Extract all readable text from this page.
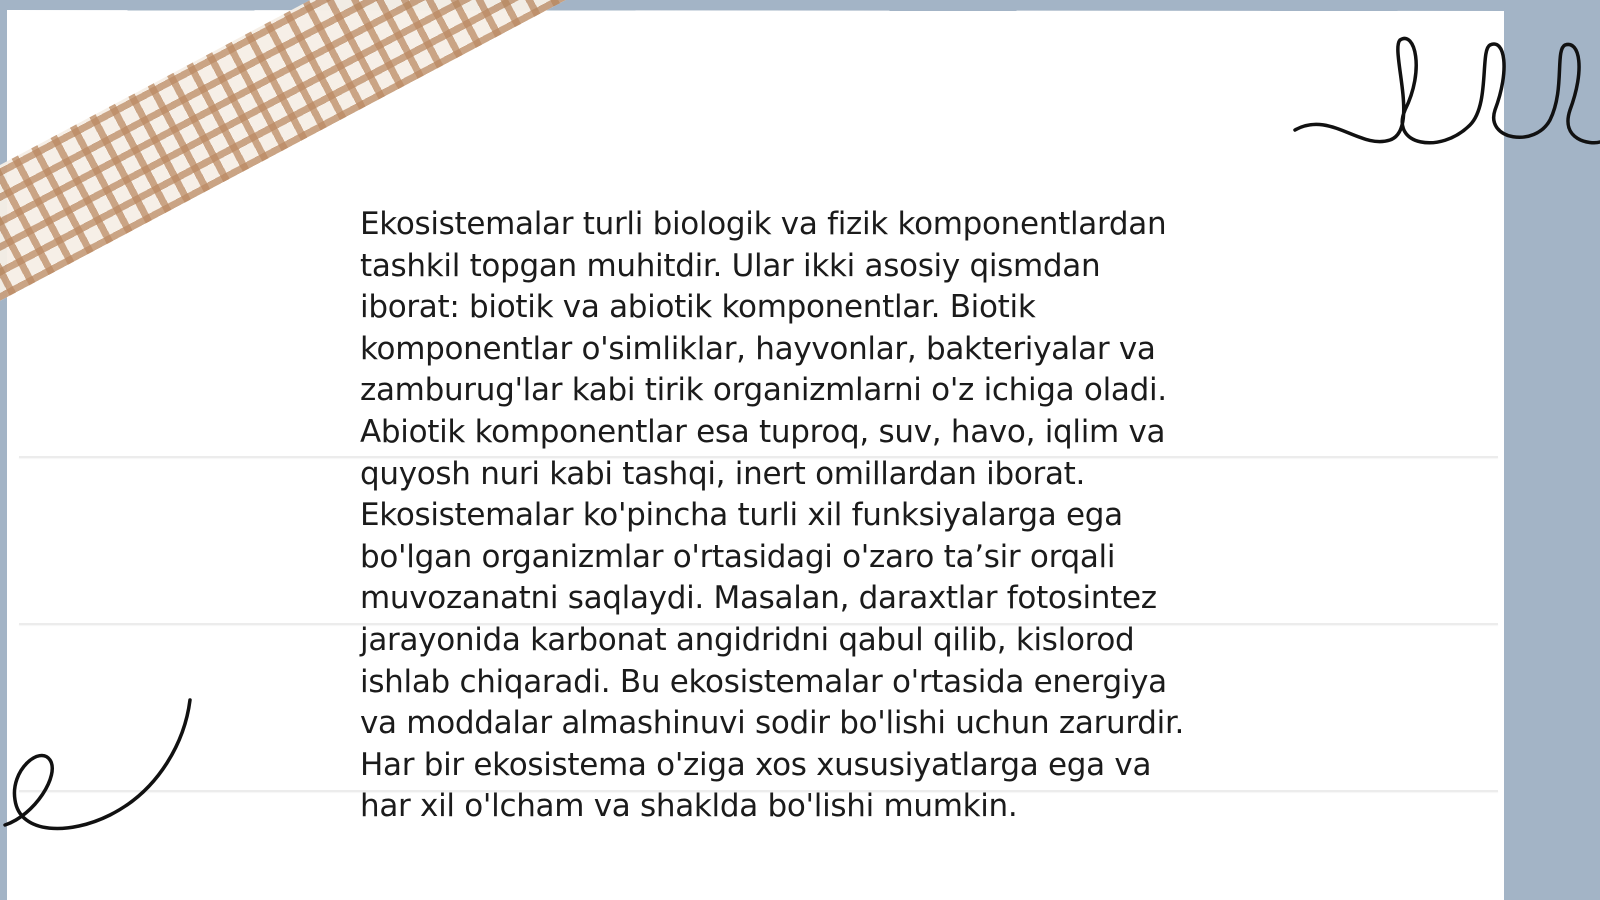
Ekosistemalar turli biologik va fizik komponentlardan
tashkil topgan muhitdir. Ular ikki asosiy qismdan
iborat: biotik va abiotik komponentlar. Biotik
komponentlar o'simliklar, hayvonlar, bakteriyalar va
zamburug'lar kabi tirik organizmlarni o'z ichiga oladi.
Abiotik komponentlar esa tuproq, suv, havo, iqlim va
quyosh nuri kabi tashqi, inert omillardan iborat.
Ekosistemalar ko'pincha turli xil funksiyalarga ega
bo'lgan organizmlar o'rtasidagi o'zaro ta’sir orqali
muvozanatni saqlaydi. Masalan, daraxtlar fotosintez
jarayonida karbonat angidridni qabul qilib, kislorod
ishlab chiqaradi. Bu ekosistemalar o'rtasida energiya
va moddalar almashinuvi sodir bo'lishi uchun zarurdir.
Har bir ekosistema o'ziga xos xususiyatlarga ega va
har xil o'lcham va shaklda bo'lishi mumkin.
